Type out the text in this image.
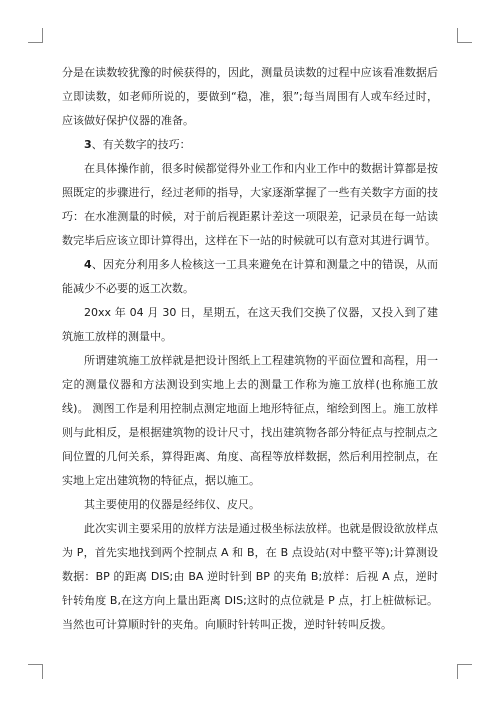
分是在读数较犹豫的时候获得的，因此，测量员读数的过程中应该看准数据后立即读数，如老师所说的，要做到“稳，准，狠”;每当周围有人或车经过时，应该做好保护仪器的准备。

3、有关数字的技巧：

在具体操作前，很多时候都觉得外业工作和内业工作中的数据计算都是按照既定的步骤进行，经过老师的指导，大家逐渐掌握了一些有关数字方面的技巧：在水准测量的时候，对于前后视距累计差这一项限差，记录员在每一站读数完毕后应该立即计算得出，这样在下一站的时候就可以有意对其进行调节。

4、因充分利用多人检核这一工具来避免在计算和测量之中的错误，从而能减少不必要的返工次数。

20xx 年 04 月 30 日，星期五，在这天我们交换了仪器，又投入到了建筑施工放样的测量中。

所谓建筑施工放样就是把设计图纸上工程建筑物的平面位置和高程，用一定的测量仪器和方法测设到实地上去的测量工作称为施工放样(也称施工放线)。 测图工作是利用控制点测定地面上地形特征点，缩绘到图上。施工放样则与此相反，是根据建筑物的设计尺寸，找出建筑物各部分特征点与控制点之间位置的几何关系，算得距离、角度、高程等放样数据，然后利用控制点，在实地上定出建筑物的特征点，据以施工。

其主要使用的仪器是经纬仪、皮尺。

此次实训主要采用的放样方法是通过极坐标法放样。也就是假设欲放样点为 P，首先实地找到两个控制点 A 和 B，在 B 点设站(对中整平等);计算测设数据：BP 的距离 DIS;由 BA 逆时针到 BP 的夹角 B;放样：后视 A 点，逆时针转角度 B,在这方向上量出距离 DIS;这时的点位就是 P 点，打上桩做标记。当然也可计算顺时针的夹角。向顺时针转叫正拨，逆时针转叫反拨。
